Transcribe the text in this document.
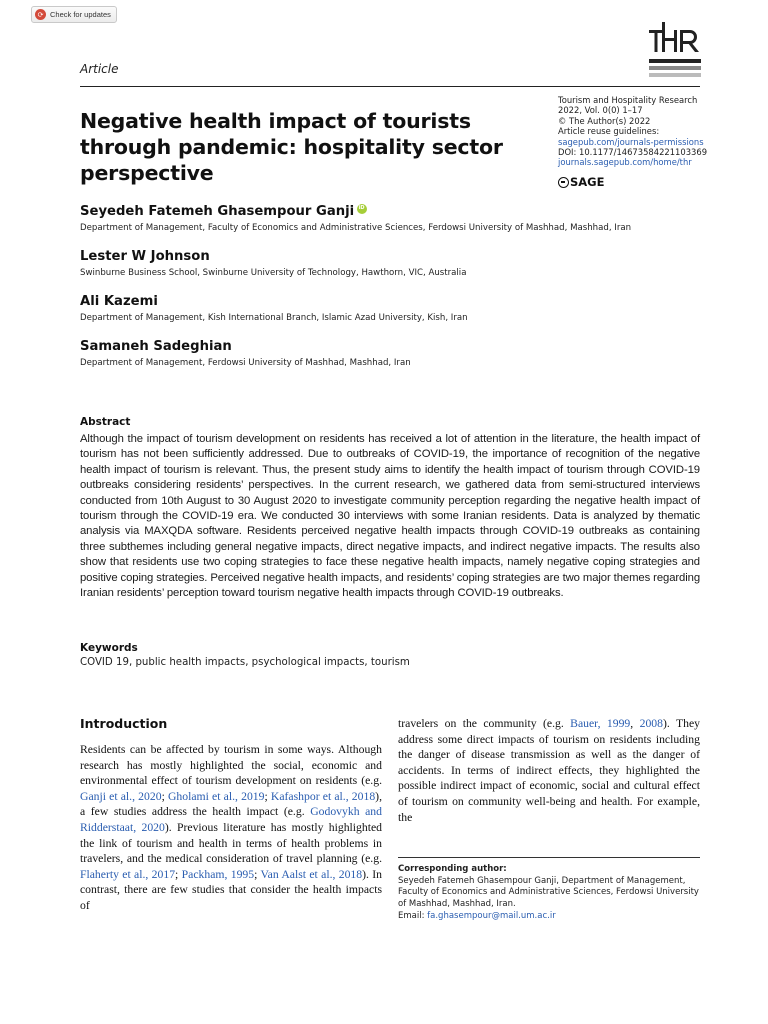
⟳ Check for updates
Article
Negative health impact of tourists through pandemic: hospitality sector perspective
Tourism and Hospitality Research
2022, Vol. 0(0) 1–17
© The Author(s) 2022
Article reuse guidelines:
sagepub.com/journals-permissions
DOI: 10.1177/14673584221103369
journals.sagepub.com/home/thr
SAGE
Seyedeh Fatemeh Ghasempour GanjiiD
Department of Management, Faculty of Economics and Administrative Sciences, Ferdowsi University of Mashhad, Mashhad, Iran
Lester W Johnson
Swinburne Business School, Swinburne University of Technology, Hawthorn, VIC, Australia
Ali Kazemi
Department of Management, Kish International Branch, Islamic Azad University, Kish, Iran
Samaneh Sadeghian
Department of Management, Ferdowsi University of Mashhad, Mashhad, Iran
Abstract

Although the impact of tourism development on residents has received a lot of attention in the literature, the health impact of tourism has not been sufficiently addressed. Due to outbreaks of COVID-19, the importance of recognition of the negative health impact of tourism is relevant. Thus, the present study aims to identify the health impact of tourism through COVID-19 outbreaks considering residents’ perspectives. In the current research, we gathered data from semi-structured interviews conducted from 10th August to 30 August 2020 to investigate community perception regarding the negative health impact of tourism through the COVID-19 era. We conducted 30 interviews with some Iranian residents. Data is analyzed by thematic analysis via MAXQDA software. Residents perceived negative health impacts through COVID-19 outbreaks as containing three subthemes including general negative impacts, direct negative impacts, and indirect negative impacts. The results also show that residents use two coping strategies to face these negative health impacts, namely negative coping strategies and positive coping strategies. Perceived negative health impacts, and residents’ coping strategies are two major themes regarding Iranian residents’ perception toward tourism negative health impacts through COVID-19 outbreaks.

Keywords
COVID 19, public health impacts, psychological impacts, tourism
Introduction

Residents can be affected by tourism in some ways. Although research has mostly highlighted the social, economic and environmental effect of tourism development on residents (e.g. Ganji et al., 2020; Gholami et al., 2019; Kafashpor et al., 2018), a few studies address the health impact (e.g. Godovykh and Ridderstaat, 2020). Previous literature has mostly highlighted the link of tourism and health in terms of health problems in travelers, and the medical consideration of travel planning (e.g. Flaherty et al., 2017; Packham, 1995; Van Aalst et al., 2018). In contrast, there are few studies that consider the health impacts of

travelers on the community (e.g. Bauer, 1999, 2008). They address some direct impacts of tourism on residents including the danger of disease transmission as well as the danger of accidents. In terms of indirect effects, they highlighted the possible indirect impact of economic, social and cultural effect of tourism on community well-being and health. For example, the

Corresponding author:
Seyedeh Fatemeh Ghasempour Ganji, Department of Management, Faculty of Economics and Administrative Sciences, Ferdowsi University of Mashhad, Mashhad, Iran.
Email: fa.ghasempour@mail.um.ac.ir
